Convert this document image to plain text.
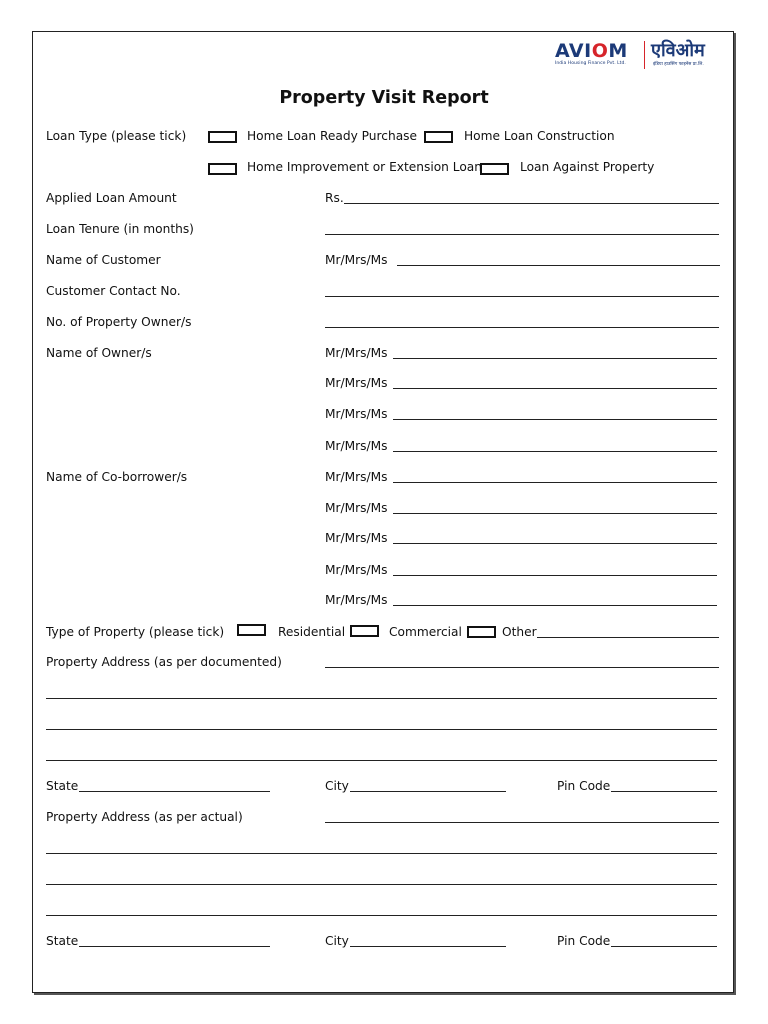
AVIOM
India Housing Finance Pvt. Ltd.
एविओम
इंडिया हाउसिंग फाइनेंस प्रा.लि.
Property Visit Report
Loan Type (please tick)	Home Loan Ready Purchase	Home Loan Construction
Home Improvement or Extension Loan	Loan Against Property
Applied Loan Amount	Rs.
Loan Tenure (in months)
Name of Customer	Mr/Mrs/Ms
Customer Contact No.
No. of Property Owner/s
Name of Owner/s	Mr/Mrs/Ms
Mr/Mrs/Ms
Mr/Mrs/Ms
Mr/Mrs/Ms
Name of Co-borrower/s	Mr/Mrs/Ms
Mr/Mrs/Ms
Mr/Mrs/Ms
Mr/Mrs/Ms
Mr/Mrs/Ms
Type of Property (please tick)	Residential	Commercial	Other
Property Address (as per documented)
State	City	Pin Code
Property Address (as per actual)
State	City	Pin Code
